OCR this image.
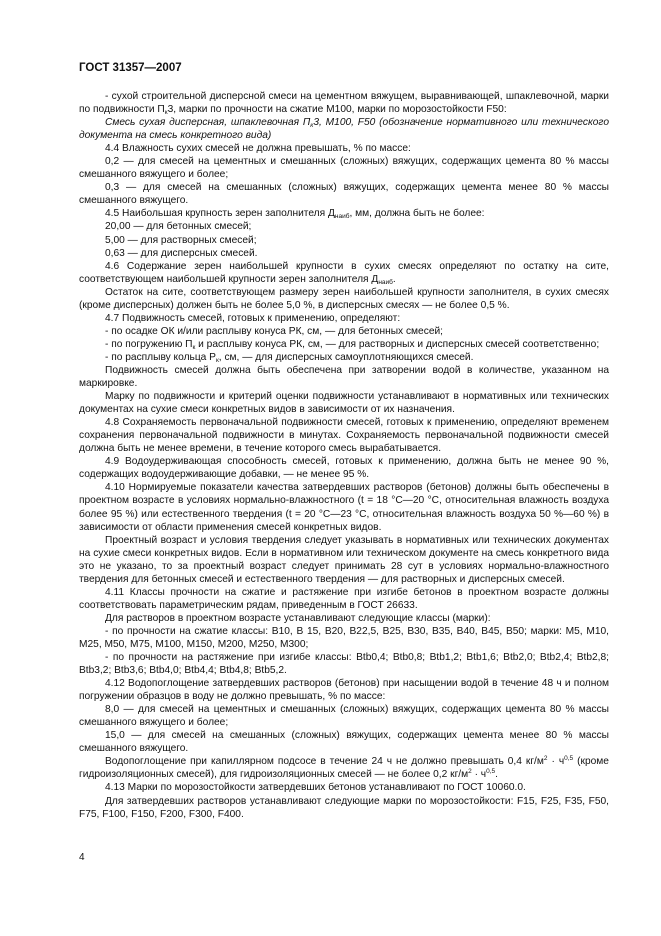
ГОСТ 31357—2007

- сухой строительной дисперсной смеси на цементном вяжущем, выравнивающей, шпаклевочной, марки по подвижности $П_к3$, марки по прочности на сжатие М100, марки по морозостойкости F50:

Смесь сухая дисперсная, шпаклевочная $П_к3$, М100, F50 (обозначение нормативного или технического документа на смесь конкретного вида)

4.4 Влажность сухих смесей не должна превышать, % по массе:

0,2 — для смесей на цементных и смешанных (сложных) вяжущих, содержащих цемента 80 % массы смешанного вяжущего и более;

0,3 — для смесей на смешанных (сложных) вяжущих, содержащих цемента менее 80 % массы смешанного вяжущего.

4.5 Наибольшая крупность зерен заполнителя $Д_{наиб}$, мм, должна быть не более:

20,00 — для бетонных смесей;

5,00 — для растворных смесей;

0,63 — для дисперсных смесей.

4.6 Содержание зерен наибольшей крупности в сухих смесях определяют по остатку на сите, соответствующем наибольшей крупности зерен заполнителя $Д_{наиб}$.

Остаток на сите, соответствующем размеру зерен наибольшей крупности заполнителя, в сухих смесях (кроме дисперсных) должен быть не более 5,0 %, в дисперсных смесях — не более 0,5 %.

4.7 Подвижность смесей, готовых к применению, определяют:

- по осадке ОК и/или расплыву конуса РК, см, — для бетонных смесей;

- по погружению $П_к$ и расплыву конуса РК, см, — для растворных и дисперсных смесей соответственно;

- по расплыву кольца $Р_к$, см, — для дисперсных самоуплотняющихся смесей.

Подвижность смесей должна быть обеспечена при затворении водой в количестве, указанном на маркировке.

Марку по подвижности и критерий оценки подвижности устанавливают в нормативных или технических документах на сухие смеси конкретных видов в зависимости от их назначения.

4.8 Сохраняемость первоначальной подвижности смесей, готовых к применению, определяют временем сохранения первоначальной подвижности в минутах. Сохраняемость первоначальной подвижности смесей должна быть не менее времени, в течение которого смесь вырабатывается.

4.9 Водоудерживающая способность смесей, готовых к применению, должна быть не менее 90 %, содержащих водоудерживающие добавки, — не менее 95 %.

4.10 Нормируемые показатели качества затвердевших растворов (бетонов) должны быть обеспечены в проектном возрасте в условиях нормально-влажностного (t = 18 °С—20 °С, относительная влажность воздуха более 95 %) или естественного твердения (t = 20 °С—23 °С, относительная влажность воздуха 50 %—60 %) в зависимости от области применения смесей конкретных видов.

Проектный возраст и условия твердения следует указывать в нормативных или технических документах на сухие смеси конкретных видов. Если в нормативном или техническом документе на смесь конкретного вида это не указано, то за проектный возраст следует принимать 28 сут в условиях нормально-влажностного твердения для бетонных смесей и естественного твердения — для растворных и дисперсных смесей.

4.11 Классы прочности на сжатие и растяжение при изгибе бетонов в проектном возрасте должны соответствовать параметрическим рядам, приведенным в ГОСТ 26633.

Для растворов в проектном возрасте устанавливают следующие классы (марки):

- по прочности на сжатие классы: B10, B 15, B20, B22,5, B25, B30, B35, B40, B45, B50; марки: M5, M10, M25, M50, M75, M100, M150, M200, M250, M300;

- по прочности на растяжение при изгибе классы: Btb0,4; Btb0,8; Btb1,2; Btb1,6; Btb2,0; Btb2,4; Btb2,8; Btb3,2; Btb3,6; Btb4,0; Btb4,4; Btb4,8; Btb5,2.

4.12 Водопоглощение затвердевших растворов (бетонов) при насыщении водой в течение 48 ч и полном погружении образцов в воду не должно превышать, % по массе:

8,0 — для смесей на цементных и смешанных (сложных) вяжущих, содержащих цемента 80 % массы смешанного вяжущего и более;

15,0 — для смесей на смешанных (сложных) вяжущих, содержащих цемента менее 80 % массы смешанного вяжущего.

Водопоглощение при капиллярном подсосе в течение 24 ч не должно превышать 0,4 $кг/м^2 \cdot ч^{0,5}$ (кроме гидроизоляционных смесей), для гидроизоляционных смесей — не более 0,2 $кг/м^2 \cdot ч^{0,5}$.

4.13 Марки по морозостойкости затвердевших бетонов устанавливают по ГОСТ 10060.0.

Для затвердевших растворов устанавливают следующие марки по морозостойкости: F15, F25, F35, F50, F75, F100, F150, F200, F300, F400.

4
